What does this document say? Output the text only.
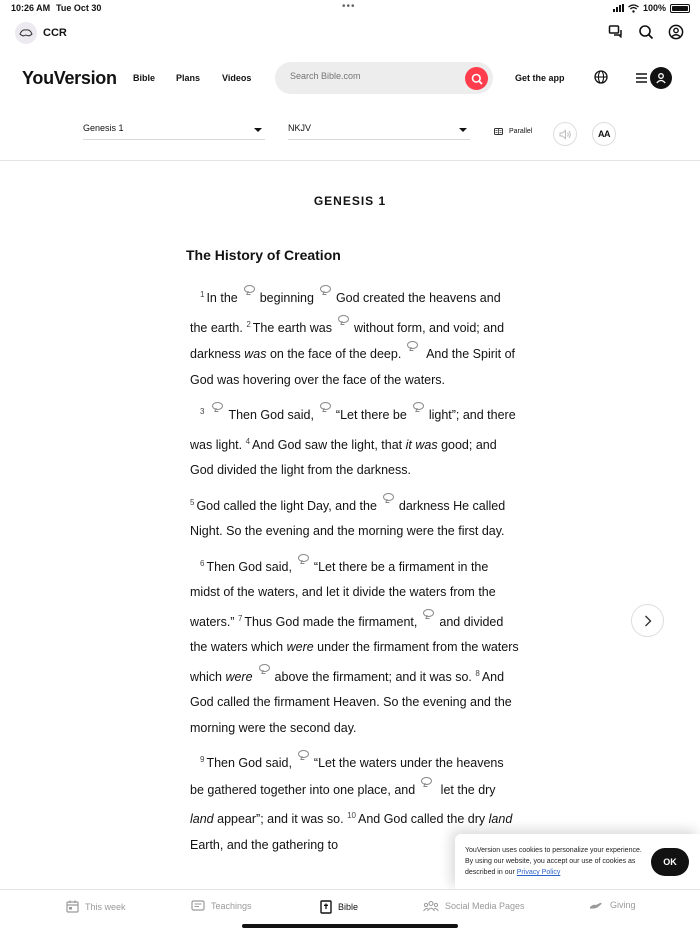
10:26 AM Tue Oct 30	•••	100%
CCR
YouVersion Bible Plans Videos
Search Bible.com	Get the app
Genesis 1	NKJV	Parallel	AA
GENESIS 1
The History of Creation

$^1$ In the beginning God created the heavens and the earth. $^2$ The earth was without form, and void; and darkness was on the face of the deep. And the Spirit of God was hovering over the face of the waters.

$^3$ Then God said, “Let there be light”; and there was light. $^4$ And God saw the light, that it was good; and God divided the light from the darkness.

$^5$ God called the light Day, and the darkness He called Night. So the evening and the morning were the first day.

$^6$ Then God said, “Let there be a firmament in the midst of the waters, and let it divide the waters from the waters.” $^7$ Thus God made the firmament, and divided the waters which were under the firmament from the waters which were above the firmament; and it was so. $^8$ And God called the firmament Heaven. So the evening and the morning were the second day.

$^9$ Then God said, “Let the waters under the heavens be gathered together into one place, and let the dry land appear”; and it was so. $^{10}$ And God called the dry land Earth, and the gathering to	YouVersion uses cookies to personalize your experience. By using our website, you accept our use of cookies as described in our Privacy Policy
OK
This week	Teachings	Bible	Social Media Pages	Giving
